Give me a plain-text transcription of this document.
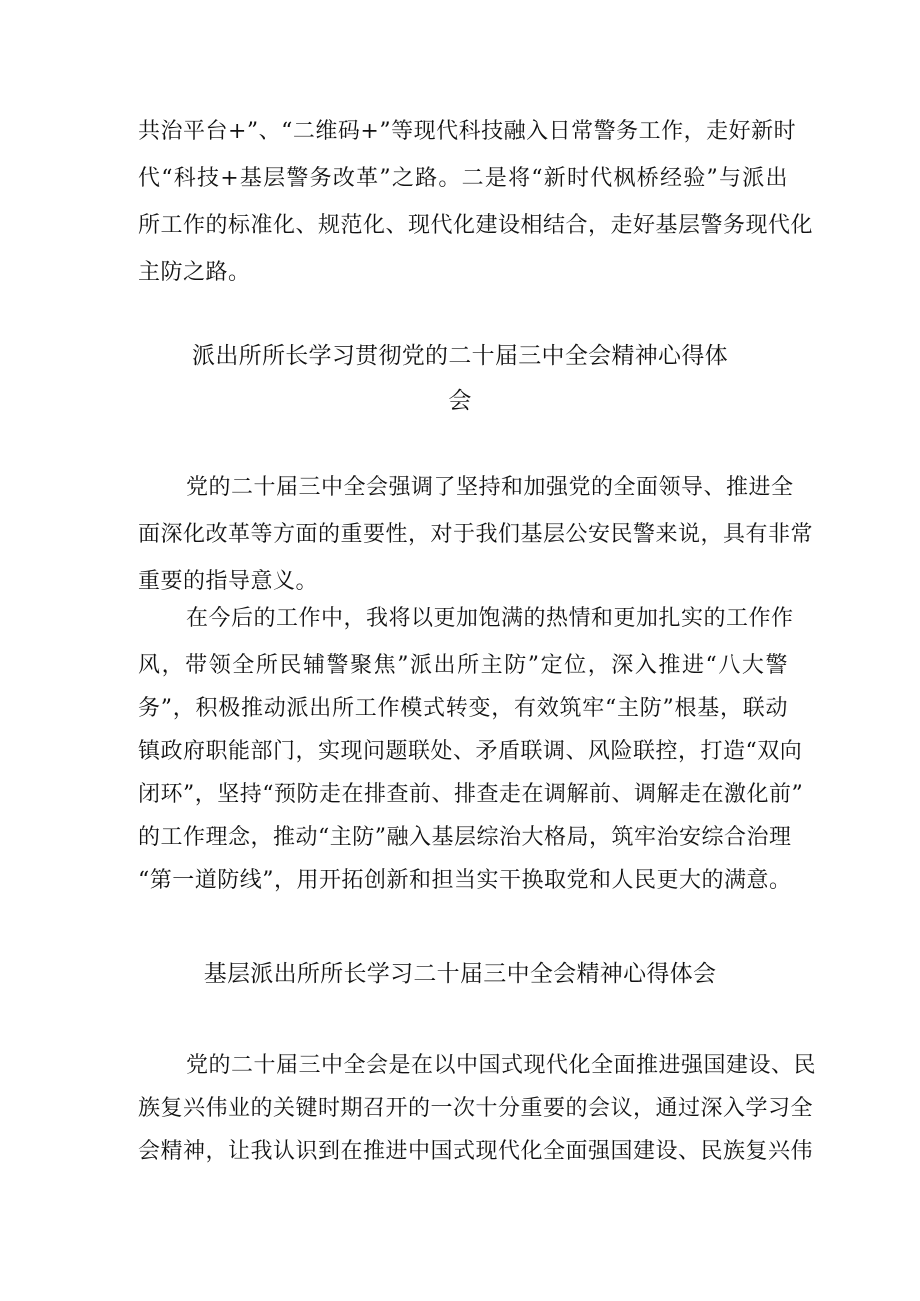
共治平台+”、“二维码+”等现代科技融入日常警务工作，走好新时
代“科技+基层警务改革”之路。二是将“新时代枫桥经验”与派出
所工作的标准化、规范化、现代化建设相结合，走好基层警务现代化
主防之路。
派出所所长学习贯彻党的二十届三中全会精神心得体
会
党的二十届三中全会强调了坚持和加强党的全面领导、推进全
面深化改革等方面的重要性，对于我们基层公安民警来说，具有非常
重要的指导意义。
在今后的工作中，我将以更加饱满的热情和更加扎实的工作作
风，带领全所民辅警聚焦”派出所主防”定位，深入推进“八大警
务”，积极推动派出所工作模式转变，有效筑牢“主防”根基，联动
镇政府职能部门，实现问题联处、矛盾联调、风险联控，打造“双向
闭环”，坚持“预防走在排查前、排查走在调解前、调解走在激化前”
的工作理念，推动“主防”融入基层综治大格局，筑牢治安综合治理
“第一道防线”，用开拓创新和担当实干换取党和人民更大的满意。
基层派出所所长学习二十届三中全会精神心得体会
党的二十届三中全会是在以中国式现代化全面推进强国建设、民
族复兴伟业的关键时期召开的一次十分重要的会议，通过深入学习全
会精神，让我认识到在推进中国式现代化全面强国建设、民族复兴伟
